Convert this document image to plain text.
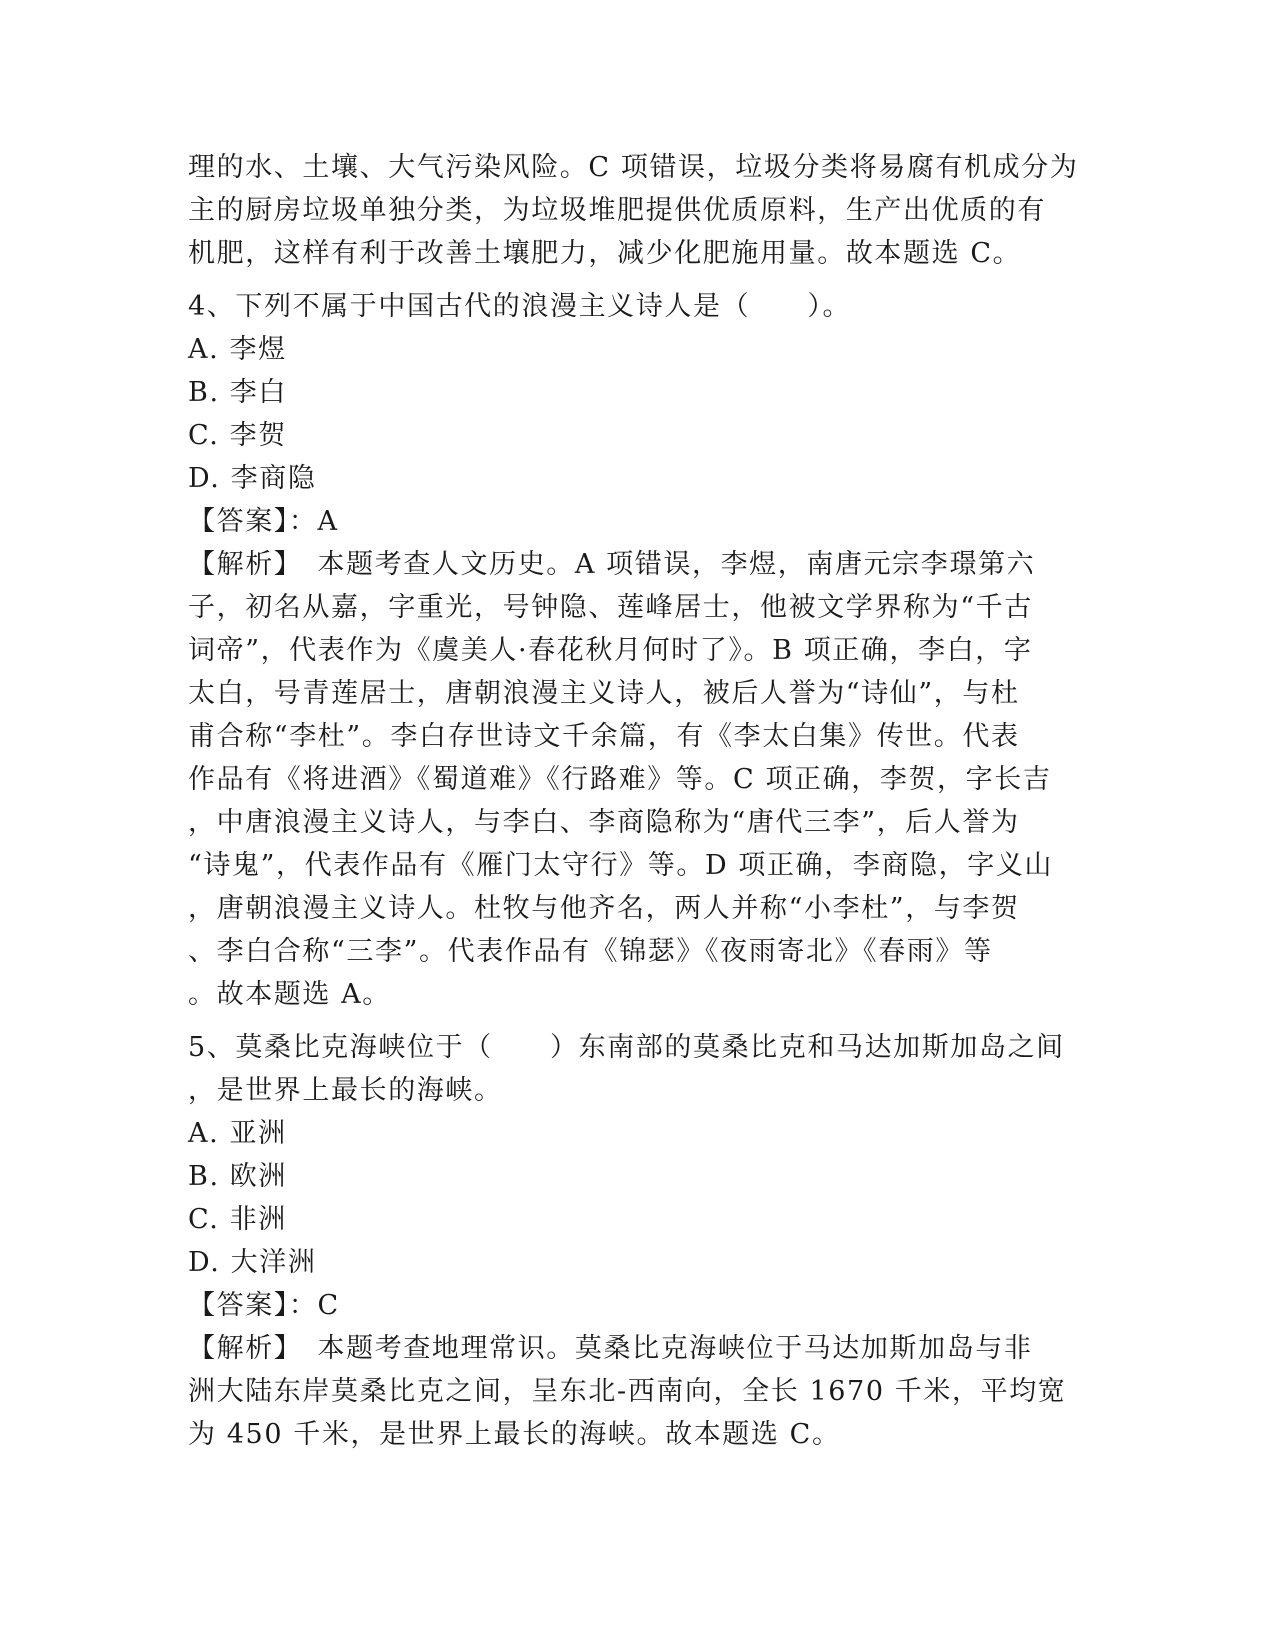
理的水、土壤、大气污染风险。C 项错误，垃圾分类将易腐有机成分为
主的厨房垃圾单独分类，为垃圾堆肥提供优质原料，生产出优质的有
机肥，这样有利于改善土壤肥力，减少化肥施用量。故本题选 C。
4、下列不属于中国古代的浪漫主义诗人是（　　）。
A. 李煜
B. 李白
C. 李贺
D. 李商隐
【答案】：A
【解析】　本题考查人文历史。A 项错误，李煜，南唐元宗李璟第六
子，初名从嘉，字重光，号钟隐、莲峰居士，他被文学界称为“千古
词帝”，代表作为《虞美人·春花秋月何时了》。B 项正确，李白，字
太白，号青莲居士，唐朝浪漫主义诗人，被后人誉为“诗仙”，与杜
甫合称“李杜”。李白存世诗文千余篇，有《李太白集》传世。代表
作品有《将进酒》《蜀道难》《行路难》等。C 项正确，李贺，字长吉
，中唐浪漫主义诗人，与李白、李商隐称为“唐代三李”，后人誉为
“诗鬼”，代表作品有《雁门太守行》等。D 项正确，李商隐，字义山
，唐朝浪漫主义诗人。杜牧与他齐名，两人并称“小李杜”，与李贺
、李白合称“三李”。代表作品有《锦瑟》《夜雨寄北》《春雨》等
。故本题选 A。
5、莫桑比克海峡位于（　　）东南部的莫桑比克和马达加斯加岛之间
，是世界上最长的海峡。
A. 亚洲
B. 欧洲
C. 非洲
D. 大洋洲
【答案】：C
【解析】　本题考查地理常识。莫桑比克海峡位于马达加斯加岛与非
洲大陆东岸莫桑比克之间，呈东北-西南向，全长 1670 千米，平均宽
为 450 千米，是世界上最长的海峡。故本题选 C。
